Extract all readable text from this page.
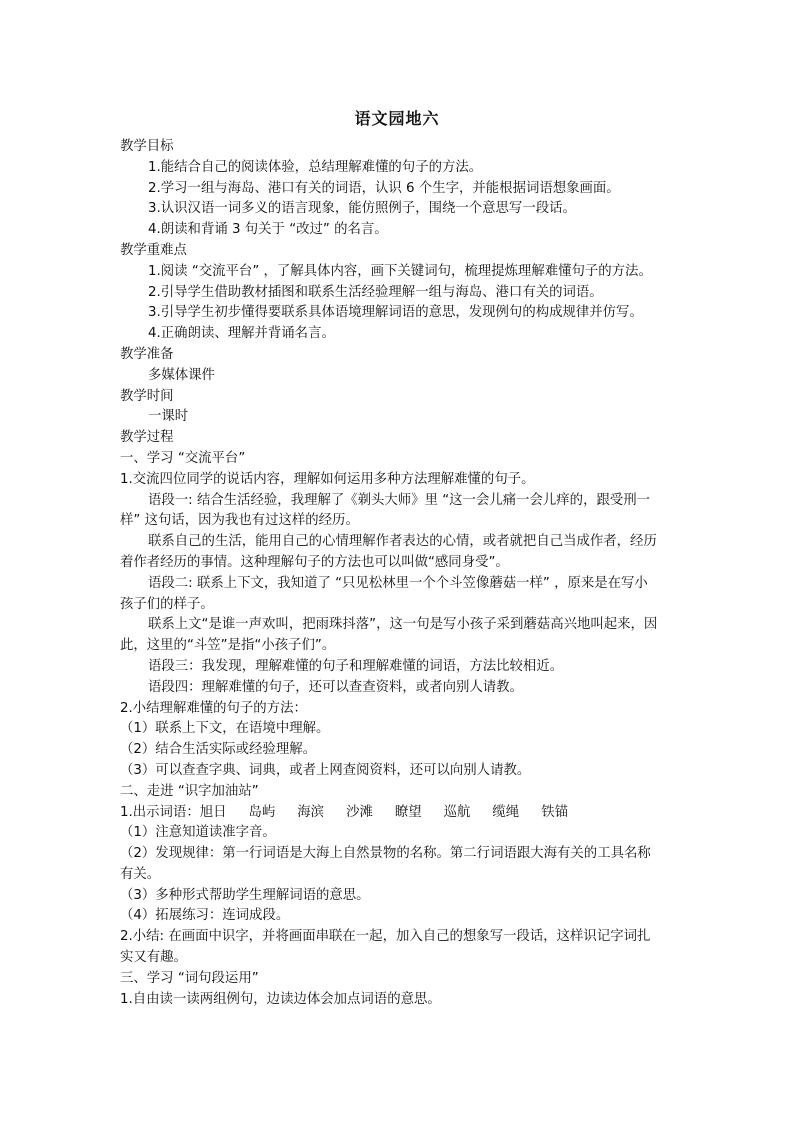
语文园地六

教学目标

1.能结合自己的阅读体验，总结理解难懂的句子的方法。

2.学习一组与海岛、港口有关的词语，认识 6 个生字，并能根据词语想象画面。

3.认识汉语一词多义的语言现象，能仿照例子，围绕一个意思写一段话。

4.朗读和背诵 3 句关于 “改过” 的名言。

教学重难点

1.阅读 “交流平台” ，了解具体内容，画下关键词句，梳理提炼理解难懂句子的方法。

2.引导学生借助教材插图和联系生活经验理解一组与海岛、港口有关的词语。

3.引导学生初步懂得要联系具体语境理解词语的意思，发现例句的构成规律并仿写。

4.正确朗读、理解并背诵名言。

教学准备

多媒体课件

教学时间

一课时

教学过程

一、学习 “交流平台”

1.交流四位同学的说话内容，理解如何运用多种方法理解难懂的句子。

语段一: 结合生活经验，我理解了《剃头大师》里 “这一会儿痛一会儿痒的，跟受刑一

样” 这句话，因为我也有过这样的经历。

联系自己的生活，能用自己的心情理解作者表达的心情，或者就把自己当成作者，经历

着作者经历的事情。这种理解句子的方法也可以叫做“感同身受”。

语段二: 联系上下文，我知道了 “只见松林里一个个斗笠像蘑菇一样” ，原来是在写小

孩子们的样子。

联系上文“是谁一声欢叫，把雨珠抖落”，这一句是写小孩子采到蘑菇高兴地叫起来，因

此，这里的“斗笠”是指“小孩子们”。

语段三：我发现，理解难懂的句子和理解难懂的词语，方法比较相近。

语段四：理解难懂的句子，还可以查查资料，或者向别人请教。

2.小结理解难懂的句子的方法：

（1）联系上下文，在语境中理解。

（2）结合生活实际或经验理解。

（3）可以查查字典、词典，或者上网查阅资料，还可以向别人请教。

二、走进 “识字加油站”

1.出示词语：旭日 岛屿 海滨 沙滩 瞭望 巡航 缆绳 铁锚

（1）注意知道读准字音。

（2）发现规律：第一行词语是大海上自然景物的名称。第二行词语跟大海有关的工具名称

有关。

（3）多种形式帮助学生理解词语的意思。

（4）拓展练习：连词成段。

2.小结: 在画面中识字，并将画面串联在一起，加入自己的想象写一段话，这样识记字词扎

实又有趣。

三、学习 “词句段运用”

1.自由读一读两组例句，边读边体会加点词语的意思。
